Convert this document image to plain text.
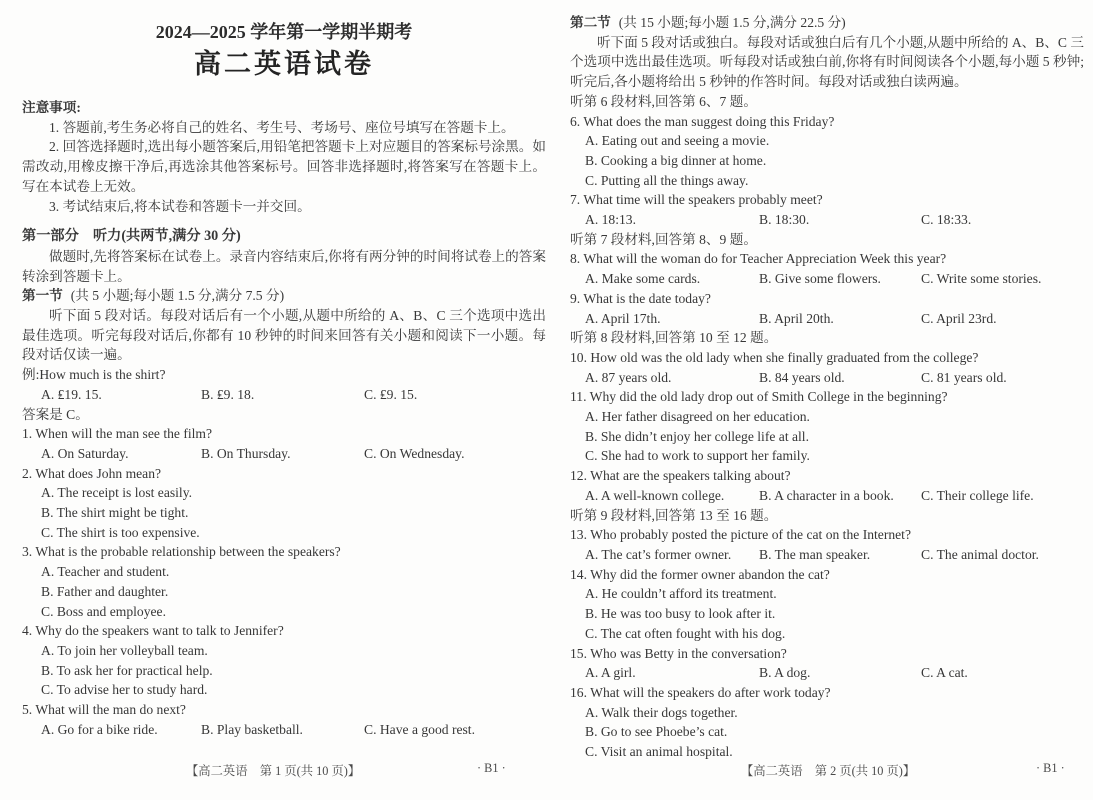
2024—2025 学年第一学期半期考
高二英语试卷
注意事项:
1. 答题前,考生务必将自己的姓名、考生号、考场号、座位号填写在答题卡上。
2. 回答选择题时,选出每小题答案后,用铅笔把答题卡上对应题目的答案标号涂黑。如需改动,用橡皮擦干净后,再选涂其他答案标号。回答非选择题时,将答案写在答题卡上。写在本试卷上无效。
3. 考试结束后,将本试卷和答题卡一并交回。
第一部分　听力(共两节,满分 30 分)
做题时,先将答案标在试卷上。录音内容结束后,你将有两分钟的时间将试卷上的答案转涂到答题卡上。
第一节 (共 5 小题;每小题 1.5 分,满分 7.5 分)
听下面 5 段对话。每段对话后有一个小题,从题中所给的 A、B、C 三个选项中选出最佳选项。听完每段对话后,你都有 10 秒钟的时间来回答有关小题和阅读下一小题。每段对话仅读一遍。
例:How much is the shirt?
A. ₤19. 15.	B. ₤9. 18.	C. ₤9. 15.
答案是 C。
1. When will the man see the film?
A. On Saturday.	B. On Thursday.	C. On Wednesday.
2. What does John mean?
A. The receipt is lost easily.
B. The shirt might be tight.
C. The shirt is too expensive.
3. What is the probable relationship between the speakers?
A. Teacher and student.
B. Father and daughter.
C. Boss and employee.
4. Why do the speakers want to talk to Jennifer?
A. To join her volleyball team.
B. To ask her for practical help.
C. To advise her to study hard.
5. What will the man do next?
A. Go for a bike ride.	B. Play basketball.	C. Have a good rest.
第二节 (共 15 小题;每小题 1.5 分,满分 22.5 分)
听下面 5 段对话或独白。每段对话或独白后有几个小题,从题中所给的 A、B、C 三个选项中选出最佳选项。听每段对话或独白前,你将有时间阅读各个小题,每小题 5 秒钟;听完后,各小题将给出 5 秒钟的作答时间。每段对话或独白读两遍。
听第 6 段材料,回答第 6、7 题。
6. What does the man suggest doing this Friday?
A. Eating out and seeing a movie.
B. Cooking a big dinner at home.
C. Putting all the things away.
7. What time will the speakers probably meet?
A. 18:13.	B. 18:30.	C. 18:33.
听第 7 段材料,回答第 8、9 题。
8. What will the woman do for Teacher Appreciation Week this year?
A. Make some cards.	B. Give some flowers.	C. Write some stories.
9. What is the date today?
A. April 17th.	B. April 20th.	C. April 23rd.
听第 8 段材料,回答第 10 至 12 题。
10. How old was the old lady when she finally graduated from the college?
A. 87 years old.	B. 84 years old.	C. 81 years old.
11. Why did the old lady drop out of Smith College in the beginning?
A. Her father disagreed on her education.
B. She didn’t enjoy her college life at all.
C. She had to work to support her family.
12. What are the speakers talking about?
A. A well-known college.	B. A character in a book.	C. Their college life.
听第 9 段材料,回答第 13 至 16 题。
13. Who probably posted the picture of the cat on the Internet?
A. The cat’s former owner.	B. The man speaker.	C. The animal doctor.
14. Why did the former owner abandon the cat?
A. He couldn’t afford its treatment.
B. He was too busy to look after it.
C. The cat often fought with his dog.
15. Who was Betty in the conversation?
A. A girl.	B. A dog.	C. A cat.
16. What will the speakers do after work today?
A. Walk their dogs together.
B. Go to see Phoebe’s cat.
C. Visit an animal hospital.
【高二英语　第 1 页(共 10 页)】	· B1 ·	【高二英语　第 2 页(共 10 页)】	· B1 ·
